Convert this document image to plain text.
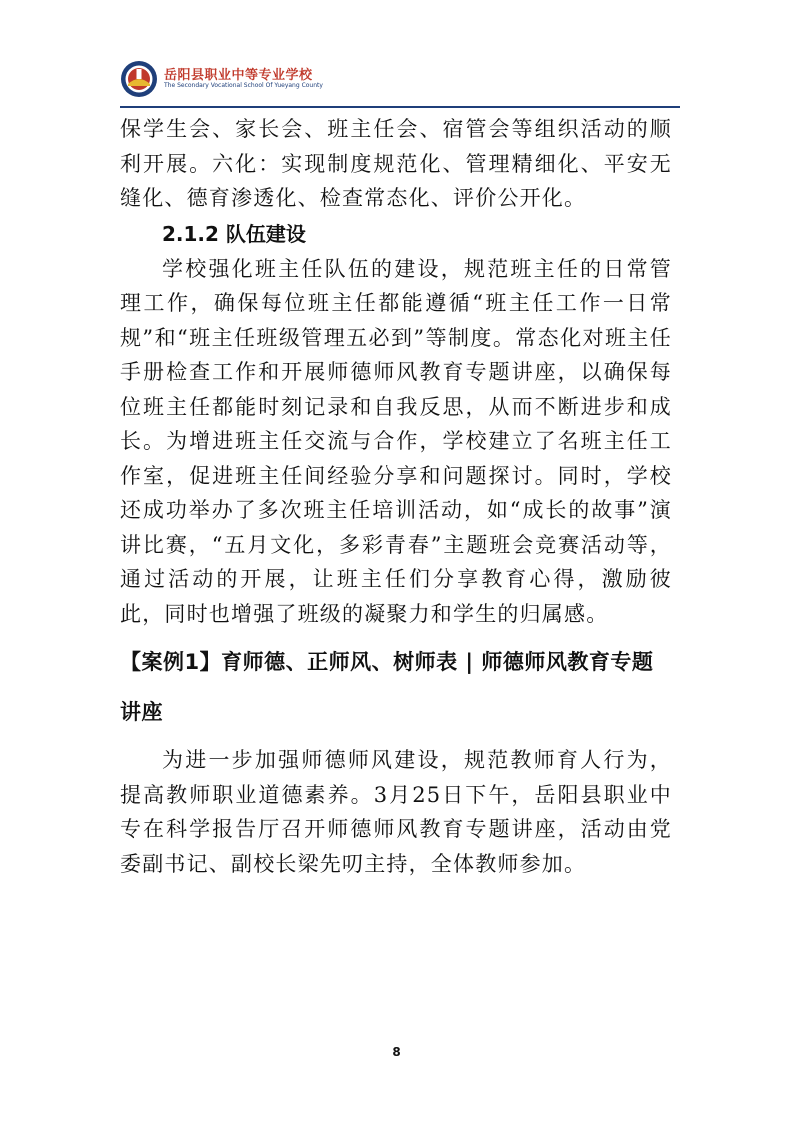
岳阳县职业中等专业学校
The Secondary Vocational School Of Yueyang County

保学生会、家长会、班主任会、宿管会等组织活动的顺利开展。六化：实现制度规范化、管理精细化、平安无缝化、德育渗透化、检查常态化、评价公开化。

2.1.2 队伍建设

学校强化班主任队伍的建设，规范班主任的日常管理工作，确保每位班主任都能遵循“班主任工作一日常规”和“班主任班级管理五必到”等制度。常态化对班主任手册检查工作和开展师德师风教育专题讲座，以确保每位班主任都能时刻记录和自我反思，从而不断进步和成长。为增进班主任交流与合作，学校建立了名班主任工作室，促进班主任间经验分享和问题探讨。同时，学校还成功举办了多次班主任培训活动，如“成长的故事”演讲比赛，“五月文化，多彩青春”主题班会竞赛活动等，通过活动的开展，让班主任们分享教育心得，激励彼此，同时也增强了班级的凝聚力和学生的归属感。

【案例1】育师德、正师风、树师表 | 师德师风教育专题讲座

为进一步加强师德师风建设，规范教师育人行为，提高教师职业道德素养。3月25日下午，岳阳县职业中专在科学报告厅召开师德师风教育专题讲座，活动由党委副书记、副校长梁先叨主持，全体教师参加。

8
